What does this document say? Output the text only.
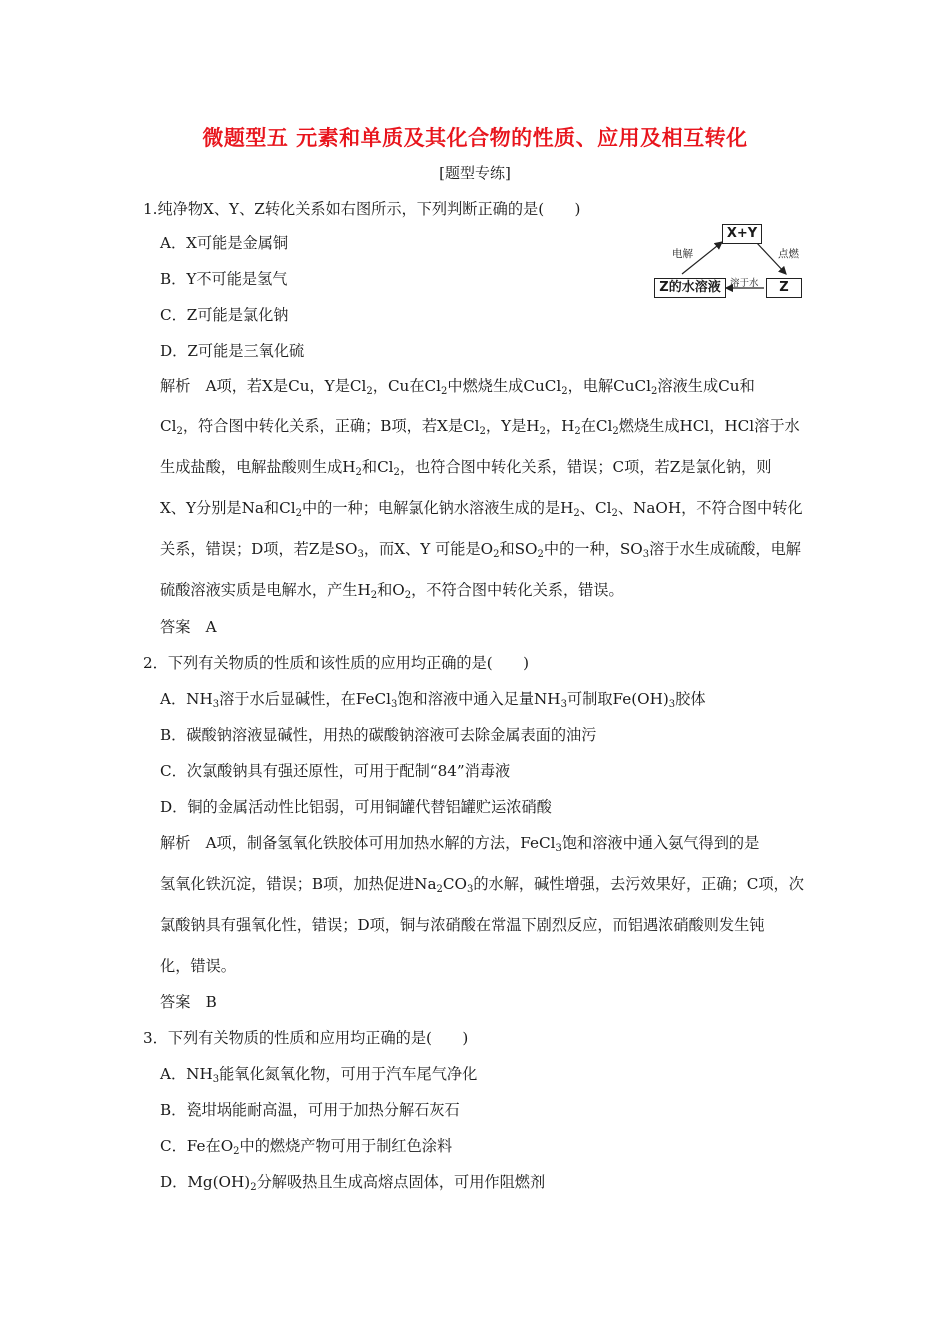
微题型五 元素和单质及其化合物的性质、应用及相互转化
[题型专练]
1.纯净物X、Y、Z转化关系如右图所示，下列判断正确的是(　　)
A．X可能是金属铜
B．Y不可能是氢气
C．Z可能是氯化钠
D．Z可能是三氧化硫
X+Y
Z的水溶液	Z
电解	点燃
溶于水
解析　A项，若X是Cu，Y是$Cl_2$，Cu在$Cl_2$中燃烧生成CuCl$_2$，电解CuCl$_2$溶液生成Cu和
$Cl_2$，符合图中转化关系，正确；B项，若X是$Cl_2$，Y是$H_2$，$H_2$在$Cl_2$燃烧生成HCl，HCl溶于水
生成盐酸，电解盐酸则生成$H_2$和$Cl_2$，也符合图中转化关系，错误；C项，若Z是氯化钠，则
X、Y分别是Na和$Cl_2$中的一种；电解氯化钠水溶液生成的是$H_2$、$Cl_2$、NaOH，不符合图中转化
关系，错误；D项，若Z是$SO_3$，而X、Y 可能是$O_2$和$SO_2$中的一种，$SO_3$溶于水生成硫酸，电解
硫酸溶液实质是电解水，产生$H_2$和$O_2$，不符合图中转化关系，错误。
答案　A
2．下列有关物质的性质和该性质的应用均正确的是(　　)
A．$NH_3$溶于水后显碱性，在FeCl$_3$饱和溶液中通入足量$NH_3$可制取$Fe(OH)_3$胶体
B．碳酸钠溶液显碱性，用热的碳酸钠溶液可去除金属表面的油污
C．次氯酸钠具有强还原性，可用于配制“84”消毒液
D．铜的金属活动性比铝弱，可用铜罐代替铝罐贮运浓硝酸
解析　A项，制备氢氧化铁胶体可用加热水解的方法，FeCl$_3$饱和溶液中通入氨气得到的是
氢氧化铁沉淀，错误；B项，加热促进$Na_2CO_3$的水解，碱性增强，去污效果好，正确；C项，次
氯酸钠具有强氧化性，错误；D项，铜与浓硝酸在常温下剧烈反应，而铝遇浓硝酸则发生钝
化，错误。
答案　B
3．下列有关物质的性质和应用均正确的是(　　)
A．$NH_3$能氧化氮氧化物，可用于汽车尾气净化
B．瓷坩埚能耐高温，可用于加热分解石灰石
C．Fe在$O_2$中的燃烧产物可用于制红色涂料
D．$Mg(OH)_2$分解吸热且生成高熔点固体，可用作阻燃剂
